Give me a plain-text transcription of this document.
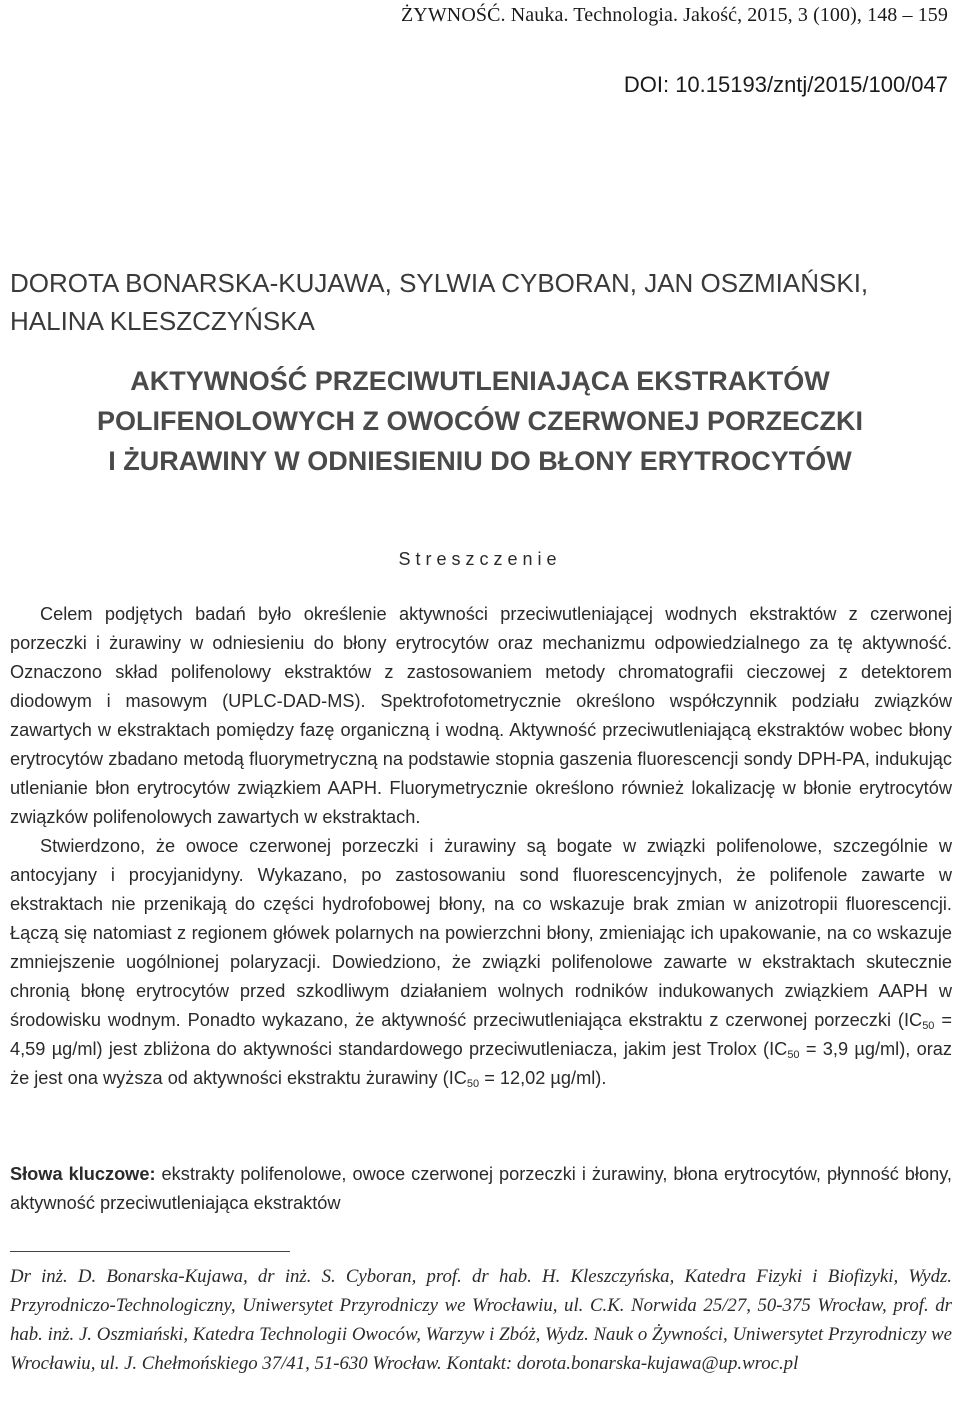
ŻYWNOŚĆ. Nauka. Technologia. Jakość, 2015, 3 (100), 148 – 159
DOI: 10.15193/zntj/2015/100/047
DOROTA BONARSKA-KUJAWA, SYLWIA CYBORAN, JAN OSZMIAŃSKI, HALINA KLESZCZYŃSKA
AKTYWNOŚĆ PRZECIWUTLENIAJĄCA EKSTRAKTÓW
POLIFENOLOWYCH Z OWOCÓW CZERWONEJ PORZECZKI
I ŻURAWINY W ODNIESIENIU DO BŁONY ERYTROCYTÓW
Streszczenie

Celem podjętych badań było określenie aktywności przeciwutleniającej wodnych ekstraktów z czerwonej porzeczki i żurawiny w odniesieniu do błony erytrocytów oraz mechanizmu odpowiedzialnego za tę aktywność. Oznaczono skład polifenolowy ekstraktów z zastosowaniem metody chromatografii cieczowej z detektorem diodowym i masowym (UPLC-DAD-MS). Spektrofotometrycznie określono współczynnik podziału związków zawartych w ekstraktach pomiędzy fazę organiczną i wodną. Aktywność przeciwutleniającą ekstraktów wobec błony erytrocytów zbadano metodą fluorymetryczną na podstawie stopnia gaszenia fluorescencji sondy DPH-PA, indukując utlenianie błon erytrocytów związkiem AAPH. Fluorymetrycznie określono również lokalizację w błonie erytrocytów związków polifenolowych zawartych w ekstraktach.

Stwierdzono, że owoce czerwonej porzeczki i żurawiny są bogate w związki polifenolowe, szczególnie w antocyjany i procyjanidyny. Wykazano, po zastosowaniu sond fluorescencyjnych, że polifenole zawarte w ekstraktach nie przenikają do części hydrofobowej błony, na co wskazuje brak zmian w anizotropii fluorescencji. Łączą się natomiast z regionem główek polarnych na powierzchni błony, zmieniając ich upakowanie, na co wskazuje zmniejszenie uogólnionej polaryzacji. Dowiedziono, że związki polifenolowe zawarte w ekstraktach skutecznie chronią błonę erytrocytów przed szkodliwym działaniem wolnych rodników indukowanych związkiem AAPH w środowisku wodnym. Ponadto wykazano, że aktywność przeciwutleniająca ekstraktu z czerwonej porzeczki ($IC_{50} = 4,59$ µg/ml) jest zbliżona do aktywności standardowego przeciwutleniacza, jakim jest Trolox ($IC_{50} = 3,9$ µg/ml), oraz że jest ona wyższa od aktywności ekstraktu żurawiny ($IC_{50} = 12,02$ µg/ml).

Słowa kluczowe: ekstrakty polifenolowe, owoce czerwonej porzeczki i żurawiny, błona erytrocytów, płynność błony, aktywność przeciwutleniająca ekstraktów
Dr inż. D. Bonarska-Kujawa, dr inż. S. Cyboran, prof. dr hab. H. Kleszczyńska, Katedra Fizyki i Biofizyki, Wydz. Przyrodniczo-Technologiczny, Uniwersytet Przyrodniczy we Wrocławiu, ul. C.K. Norwida 25/27, 50-375 Wrocław, prof. dr hab. inż. J. Oszmiański, Katedra Technologii Owoców, Warzyw i Zbóż, Wydz. Nauk o Żywności, Uniwersytet Przyrodniczy we Wrocławiu, ul. J. Chełmońskiego 37/41, 51-630 Wrocław. Kontakt: dorota.bonarska-kujawa@up.wroc.pl
